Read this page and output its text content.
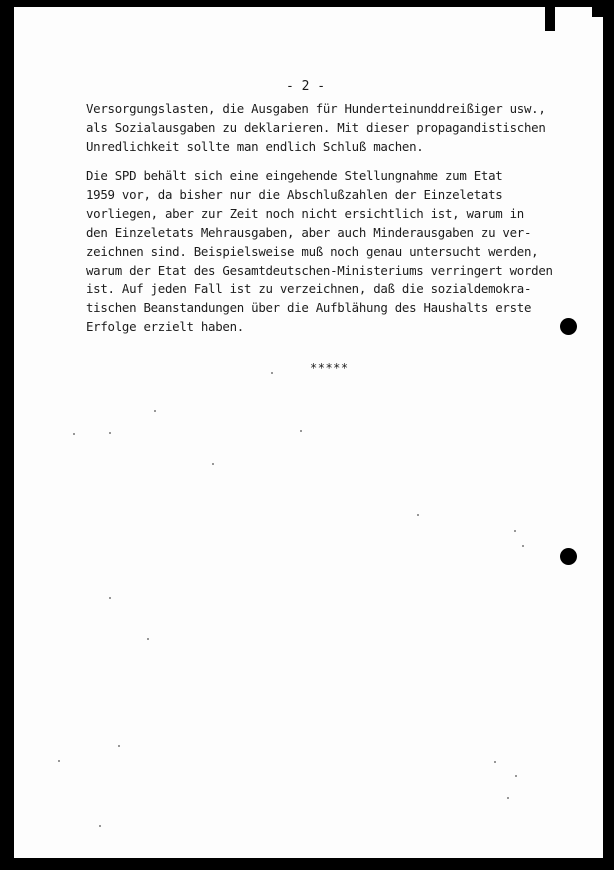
- 2 -
Versorgungslasten, die Ausgaben für Hunderteinunddreißiger usw.,
als Sozialausgaben zu deklarieren. Mit dieser propagandistischen
Unredlichkeit sollte man endlich Schluß machen.
Die SPD behält sich eine eingehende Stellungnahme zum Etat
1959 vor, da bisher nur die Abschlußzahlen der Einzeletats
vorliegen, aber zur Zeit noch nicht ersichtlich ist, warum in
den Einzeletats Mehrausgaben, aber auch Minderausgaben zu ver-
zeichnen sind. Beispielsweise muß noch genau untersucht werden,
warum der Etat des Gesamtdeutschen-Ministeriums verringert worden
ist. Auf jeden Fall ist zu verzeichnen, daß die sozialdemokra-
tischen Beanstandungen über die Aufblähung des Haushalts erste
Erfolge erzielt haben.
*****
